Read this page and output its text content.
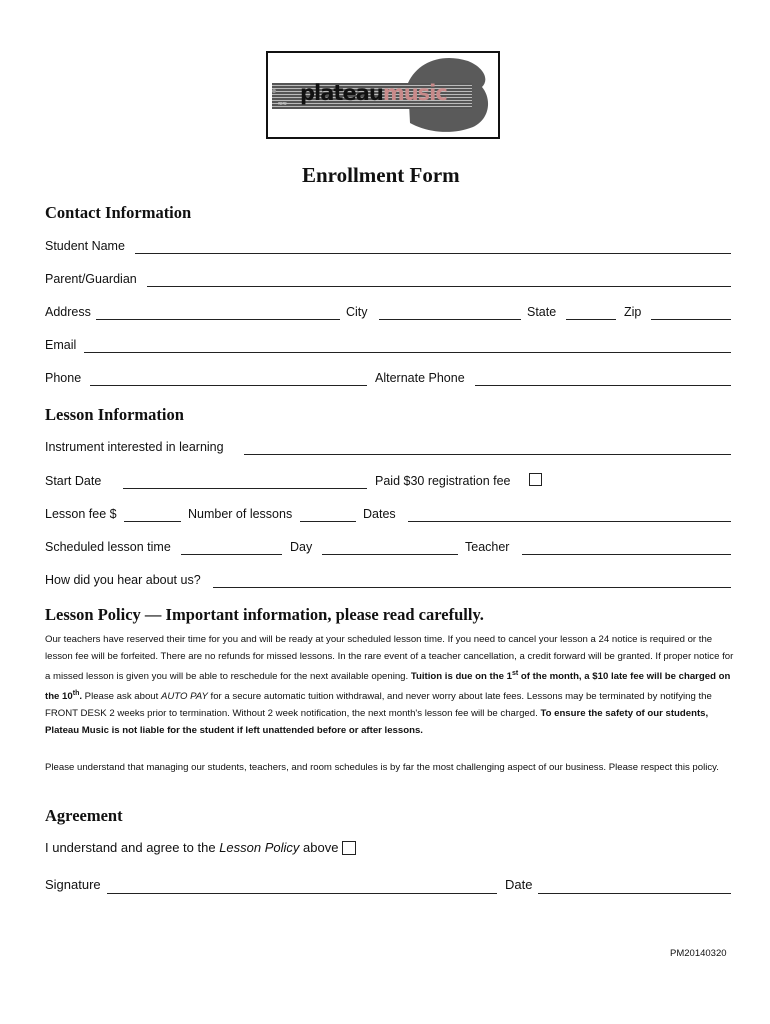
plateaumusic
≈≈
Enrollment Form
Contact Information
Student Name
Parent/Guardian
Address	City	State	Zip
Email
Phone	Alternate Phone
Lesson Information
Instrument interested in learning
Start Date	Paid $30 registration fee
Lesson fee $	Number of lessons	Dates
Scheduled lesson time	Day	Teacher
How did you hear about us?
Lesson Policy — Important information, please read carefully.
Our teachers have reserved their time for you and will be ready at your scheduled lesson time. If you need to cancel your lesson a 24 notice is required or the lesson fee will be forfeited. There are no refunds for missed lessons. In the rare event of a teacher cancellation, a credit forward will be granted. If proper notice for a missed lesson is given you will be able to reschedule for the next available opening. Tuition is due on the 1st of the month, a $10 late fee will be charged on the 10th. Please ask about AUTO PAY for a secure automatic tuition withdrawal, and never worry about late fees. Lessons may be terminated by notifying the FRONT DESK 2 weeks prior to termination. Without 2 week notification, the next month's lesson fee will be charged. To ensure the safety of our students, Plateau Music is not liable for the student if left unattended before or after lessons.
Please understand that managing our students, teachers, and room schedules is by far the most challenging aspect of our business. Please respect this policy.
Agreement
I understand and agree to the Lesson Policy above
Signature	Date
PM20140320
